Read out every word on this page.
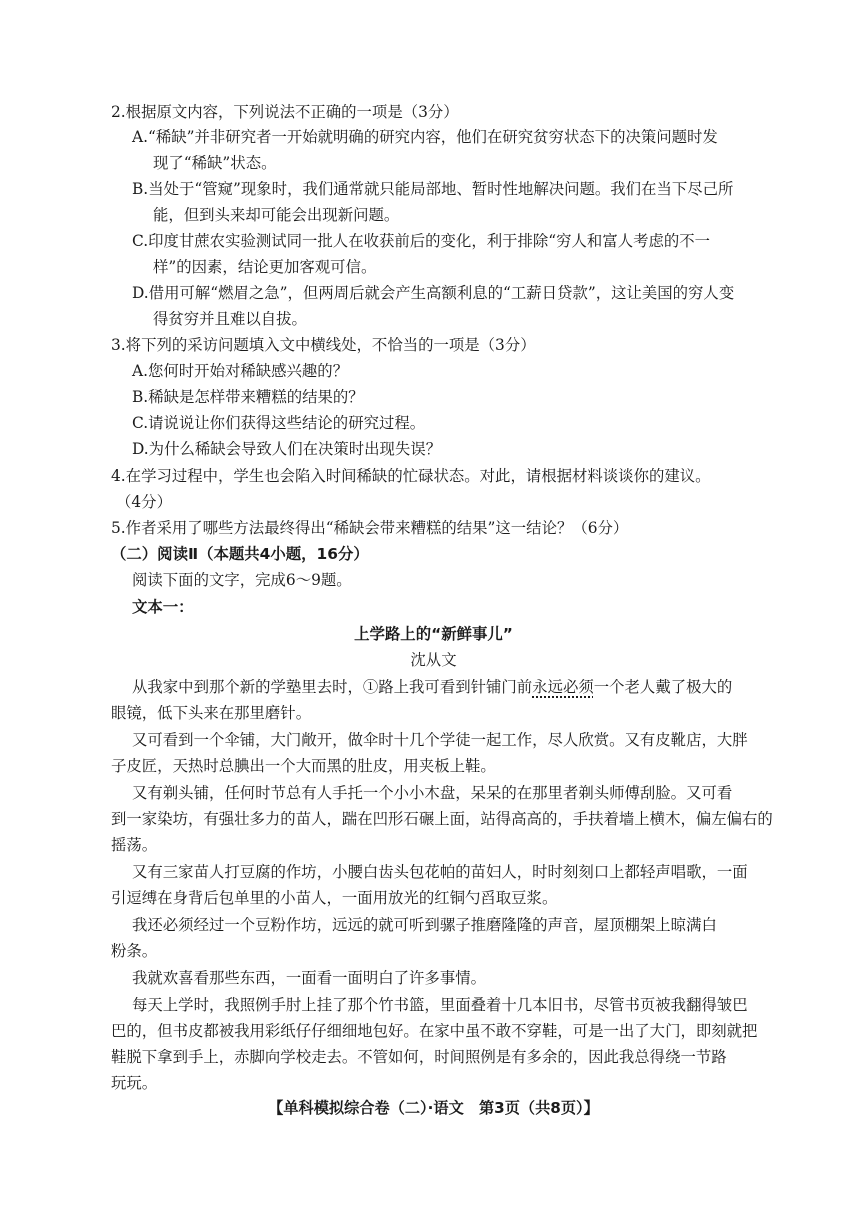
2.根据原文内容，下列说法不正确的一项是（3分）
A.“稀缺”并非研究者一开始就明确的研究内容，他们在研究贫穷状态下的决策问题时发
现了“稀缺”状态。
B.当处于“管窥”现象时，我们通常就只能局部地、暂时性地解决问题。我们在当下尽己所
能，但到头来却可能会出现新问题。
C.印度甘蔗农实验测试同一批人在收获前后的变化，利于排除“穷人和富人考虑的不一
样”的因素，结论更加客观可信。
D.借用可解“燃眉之急”，但两周后就会产生高额利息的“工薪日贷款”，这让美国的穷人变
得贫穷并且难以自拔。
3.将下列的采访问题填入文中横线处，不恰当的一项是（3分）
A.您何时开始对稀缺感兴趣的？
B.稀缺是怎样带来糟糕的结果的？
C.请说说让你们获得这些结论的研究过程。
D.为什么稀缺会导致人们在决策时出现失误？
4.在学习过程中，学生也会陷入时间稀缺的忙碌状态。对此，请根据材料谈谈你的建议。
（4分）
5.作者采用了哪些方法最终得出“稀缺会带来糟糕的结果”这一结论？（6分）
（二）阅读Ⅱ（本题共4小题，16分）
阅读下面的文字，完成6～9题。
文本一：
上学路上的“新鲜事儿”
沈从文
从我家中到那个新的学塾里去时，①路上我可看到针铺门前永远必须一个老人戴了极大的
眼镜，低下头来在那里磨针。
又可看到一个伞铺，大门敞开，做伞时十几个学徒一起工作，尽人欣赏。又有皮靴店，大胖
子皮匠，天热时总腆出一个大而黑的肚皮，用夹板上鞋。
又有剃头铺，任何时节总有人手托一个小小木盘，呆呆的在那里者剃头师傅刮脸。又可看
到一家染坊，有强壮多力的苗人，踹在凹形石碾上面，站得高高的，手扶着墙上横木，偏左偏右的
摇荡。
又有三家苗人打豆腐的作坊，小腰白齿头包花帕的苗妇人，时时刻刻口上都轻声唱歌，一面
引逗缚在身背后包单里的小苗人，一面用放光的红铜勺舀取豆浆。
我还必须经过一个豆粉作坊，远远的就可听到骡子推磨隆隆的声音，屋顶棚架上晾满白
粉条。
我就欢喜看那些东西，一面看一面明白了许多事情。
每天上学时，我照例手肘上挂了那个竹书篮，里面叠着十几本旧书，尽管书页被我翻得皱巴
巴的，但书皮都被我用彩纸仔仔细细地包好。在家中虽不敢不穿鞋，可是一出了大门，即刻就把
鞋脱下拿到手上，赤脚向学校走去。不管如何，时间照例是有多余的，因此我总得绕一节路
玩玩。
【单科模拟综合卷（二）·语文　第3页（共8页）】
